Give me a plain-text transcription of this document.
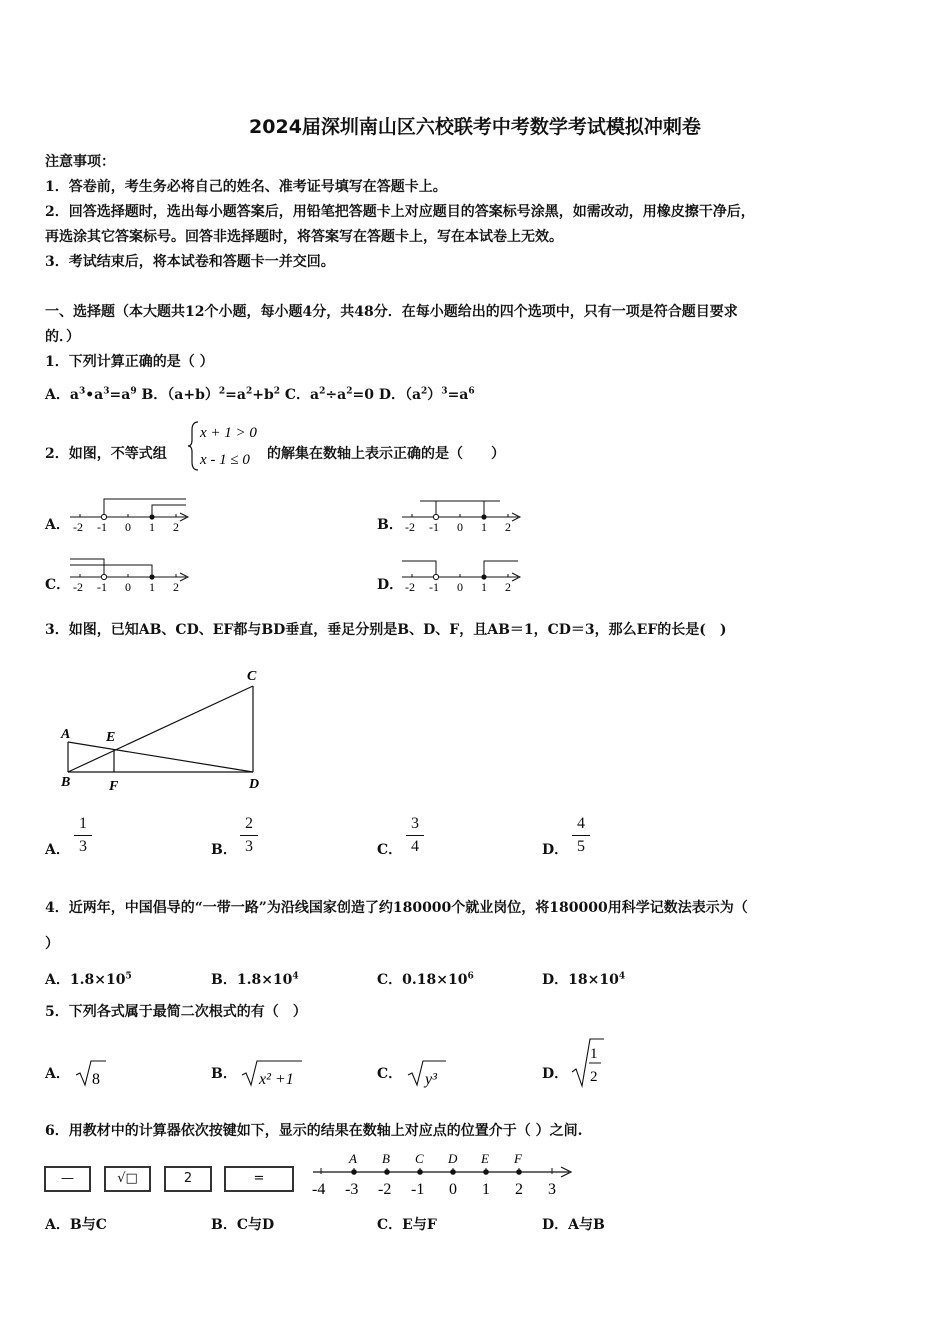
2024届深圳南山区六校联考中考数学考试模拟冲刺卷
注意事项：
1．答卷前，考生务必将自己的姓名、准考证号填写在答题卡上。
2．回答选择题时，选出每小题答案后，用铅笔把答题卡上对应题目的答案标号涂黑，如需改动，用橡皮擦干净后，
再选涂其它答案标号。回答非选择题时，将答案写在答题卡上，写在本试卷上无效。
3．考试结束后，将本试卷和答题卡一并交回。
一、选择题（本大题共12个小题，每小题4分，共48分．在每小题给出的四个选项中，只有一项是符合题目要求
的．）
1．下列计算正确的是（ ）
A．$a^3•a^3=a^9$ B．$(a+b)^2=a^2+b^2$ C．$a^2\div a^2=0$ D．$(a^2)^3=a^6$
2．如图，不等式组
x + 1 > 0
x - 1 ≤ 0 的解集在数轴上表示正确的是（　　）
A．	B．
C．	D．
-2 -1 0 1 2	-2 -1 0 1 2
-2 -1 0 1 2	-2 -1 0 1 2
3．如图，已知AB、CD、EF都与BD垂直，垂足分别是B、D、F，且AB＝1，CD＝3，那么EF的长是(　)
A
B
C
D
E
F
A．
1
3	B．
2
3	C．
3
4	D．
4
5
4．近两年，中国倡导的“一带一路”为沿线国家创造了约180000个就业岗位，将180000用科学记数法表示为（
）
A．$1.8\times 10^5$	B．$1.8\times 10^4$	C．$0.18\times 10^6$	D．$18\times 10^4$
5．下列各式属于最简二次根式的有（　）
A． 8	B． x² +1	C． y³	D．
1
2
6．用教材中的计算器依次按键如下，显示的结果在数轴上对应点的位置介于（ ）之间.
—	√□	2	=
-4 -3 -2 -1 0 1 2 3
A B C D E F
A．B与C	B．C与D	C．E与F	D．A与B
